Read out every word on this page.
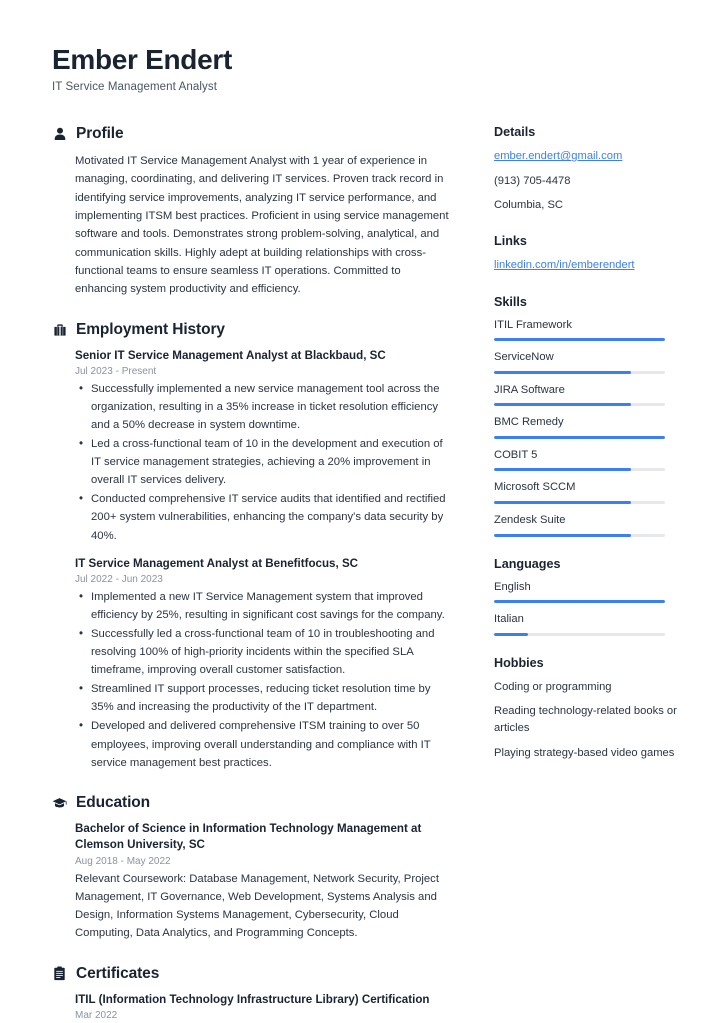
Ember Endert
IT Service Management Analyst
Profile
Motivated IT Service Management Analyst with 1 year of experience in managing, coordinating, and delivering IT services. Proven track record in identifying service improvements, analyzing IT service performance, and implementing ITSM best practices. Proficient in using service management software and tools. Demonstrates strong problem-solving, analytical, and communication skills. Highly adept at building relationships with cross-functional teams to ensure seamless IT operations. Committed to enhancing system productivity and efficiency.
Employment History
Senior IT Service Management Analyst at Blackbaud, SC
Jul 2023 - Present
• Successfully implemented a new service management tool across the organization, resulting in a 35% increase in ticket resolution efficiency and a 50% decrease in system downtime.
• Led a cross-functional team of 10 in the development and execution of IT service management strategies, achieving a 20% improvement in overall IT services delivery.
• Conducted comprehensive IT service audits that identified and rectified 200+ system vulnerabilities, enhancing the company's data security by 40%.
IT Service Management Analyst at Benefitfocus, SC
Jul 2022 - Jun 2023
• Implemented a new IT Service Management system that improved efficiency by 25%, resulting in significant cost savings for the company.
• Successfully led a cross-functional team of 10 in troubleshooting and resolving 100% of high-priority incidents within the specified SLA timeframe, improving overall customer satisfaction.
• Streamlined IT support processes, reducing ticket resolution time by 35% and increasing the productivity of the IT department.
• Developed and delivered comprehensive ITSM training to over 50 employees, improving overall understanding and compliance with IT service management best practices.
Education
Bachelor of Science in Information Technology Management at Clemson University, SC
Aug 2018 - May 2022
Relevant Coursework: Database Management, Network Security, Project Management, IT Governance, Web Development, Systems Analysis and Design, Information Systems Management, Cybersecurity, Cloud Computing, Data Analytics, and Programming Concepts.
Certificates
ITIL (Information Technology Infrastructure Library) Certification
Mar 2022
Details
ember.endert@gmail.com
(913) 705-4478
Columbia, SC
Links
linkedin.com/in/emberendert
Skills
ITIL Framework
ServiceNow
JIRA Software
BMC Remedy
COBIT 5
Microsoft SCCM
Zendesk Suite
Languages
English
Italian
Hobbies
Coding or programming
Reading technology-related books or articles
Playing strategy-based video games
